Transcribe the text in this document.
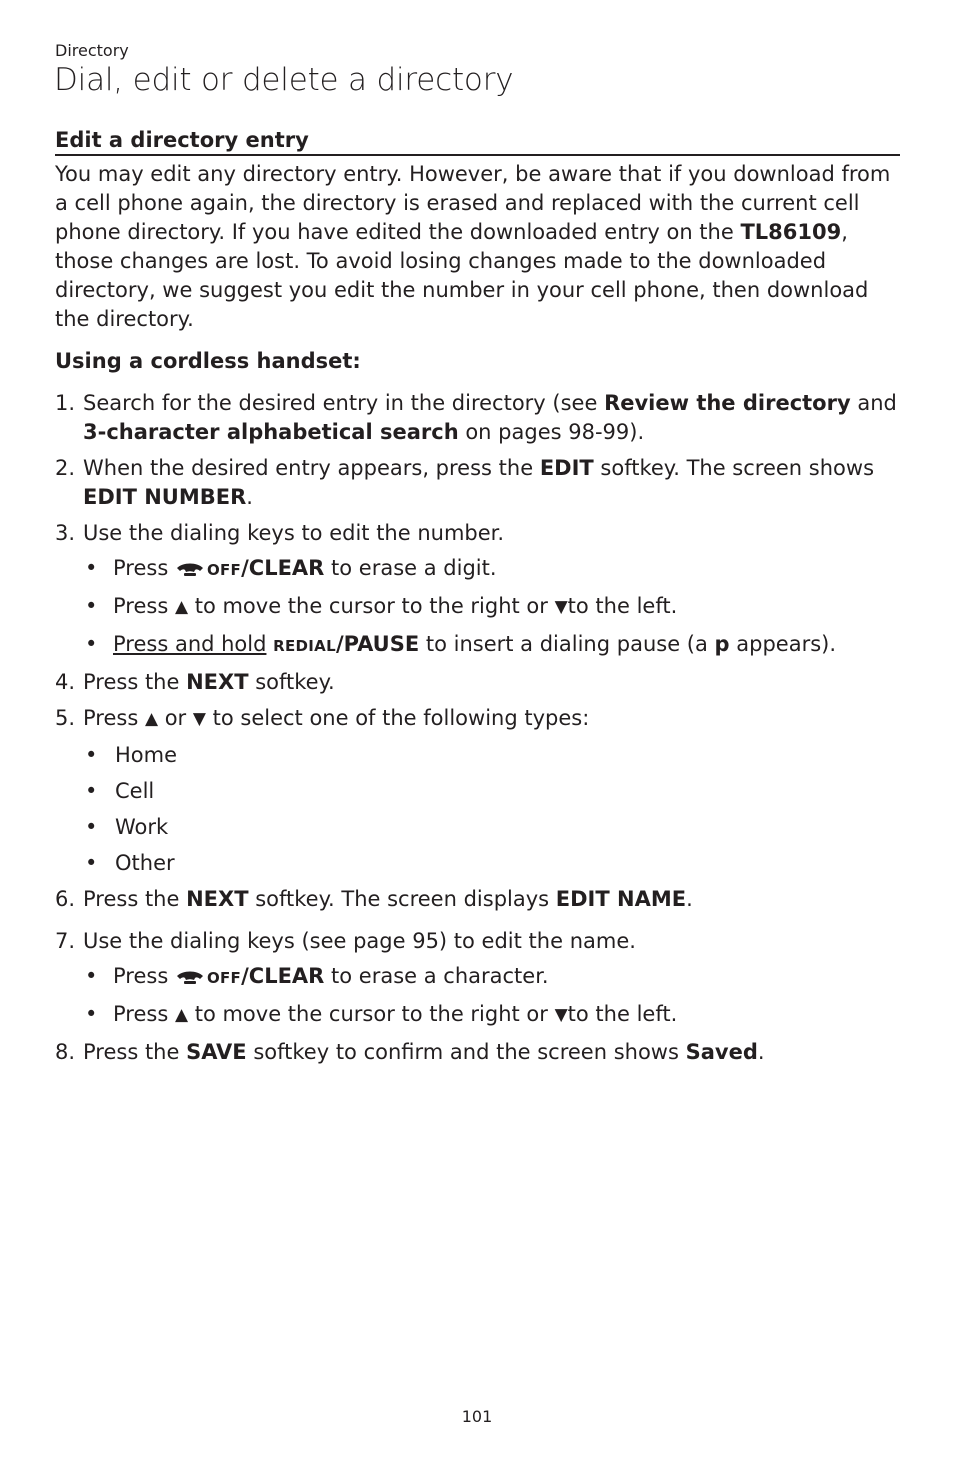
Directory
Dial, edit or delete a directory
Edit a directory entry

You may edit any directory entry. However, be aware that if you download from a cell phone again, the directory is erased and replaced with the current cell phone directory. If you have edited the downloaded entry on the TL86109, those changes are lost. To avoid losing changes made to the downloaded directory, we suggest you edit the number in your cell phone, then download the directory.

Using a cordless handset:

1. Search for the desired entry in the directory (see Review the directory and 3-character alphabetical search on pages 98-99).
2. When the desired entry appears, press the EDIT softkey. The screen shows EDIT NUMBER.
3. Use the dialing keys to edit the number.
• Press OFF/CLEAR to erase a digit.
• Press ▲ to move the cursor to the right or ▼to the left.
• Press and hold REDIAL/PAUSE to insert a dialing pause (a p appears).
4. Press the NEXT softkey.
5. Press ▲ or ▼ to select one of the following types:
• Home
• Cell
• Work
• Other
6. Press the NEXT softkey. The screen displays EDIT NAME.
7. Use the dialing keys (see page 95) to edit the name.
• Press OFF/CLEAR to erase a character.
• Press ▲ to move the cursor to the right or ▼to the left.
8. Press the SAVE softkey to confirm and the screen shows Saved.
101
